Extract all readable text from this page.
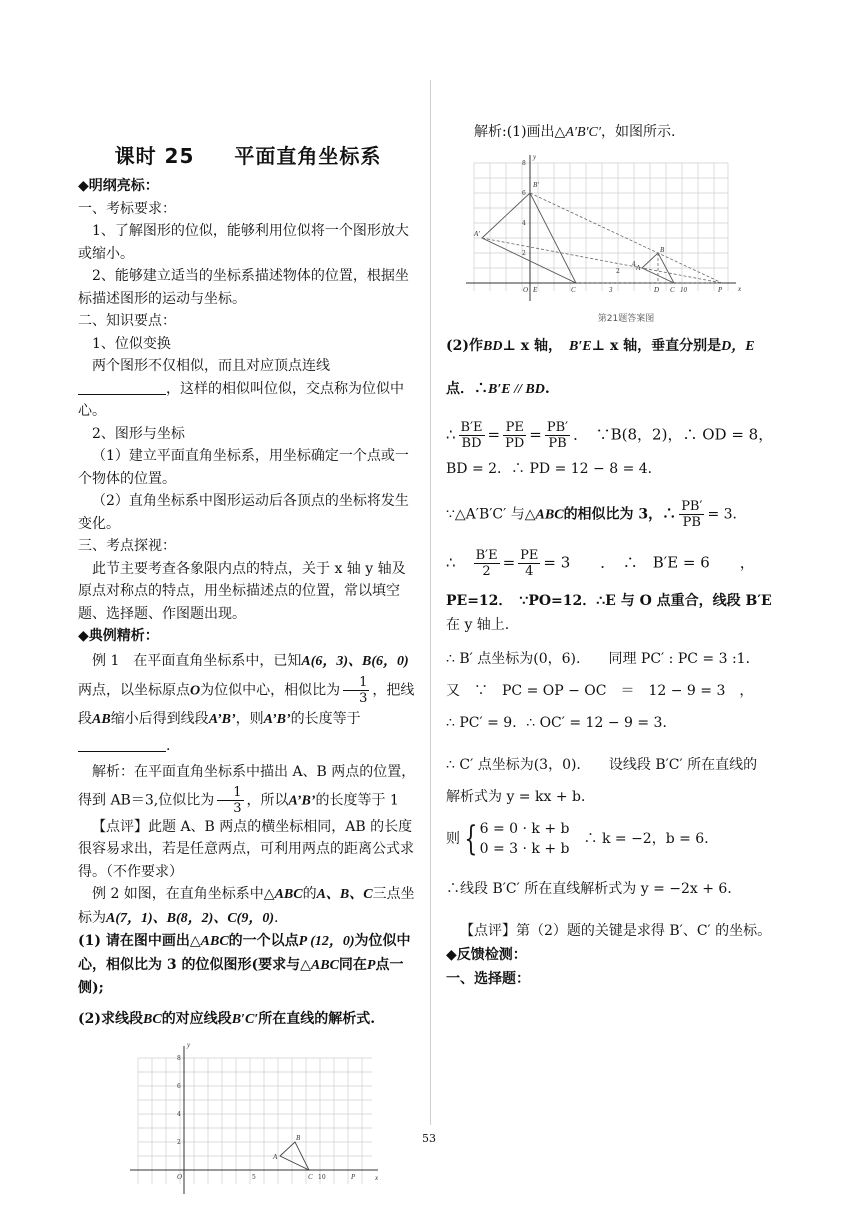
课时 25 平面直角坐标系

◆明纲亮标：

一、考标要求：

1、了解图形的位似，能够利用位似将一个图形放大或缩小。

2、能够建立适当的坐标系描述物体的位置，根据坐标描述图形的运动与坐标。

二、知识要点：

1、位似变换

两个图形不仅相似，而且对应顶点连线
，这样的相似叫位似，交点称为位似中心。

2、图形与坐标

（1）建立平面直角坐标系，用坐标确定一个点或一个物体的位置。

（2）直角坐标系中图形运动后各顶点的坐标将发生变化。

三、考点探视：

此节主要考查各象限内点的特点，关于 x 轴 y 轴及原点对称点的特点，用坐标描述点的位置，常以填空题、选择题、作图题出现。

◆典例精析：

例 1　在平面直角坐标系中，已知A(6，3)、B(6，0)两点，以坐标原点O为位似中心，相似比为 $\frac{1}{3}$ ，把线段AB缩小后得到线段A’B’，则A’B’的长度等于.

解析：在平面直角坐标系中描出 A、B 两点的位置，得到 AB＝3,位似比为 $\frac{1}{3}$ ，所以A’B’的长度等于 1

【点评】此题 A、B 两点的横坐标相同，AB 的长度很容易求出，若是任意两点，可利用两点的距离公式求得。（不作要求）

例 2 如图，在直角坐标系中△ABC的A、B、C三点坐标为A(7，1)、B(8，2)、C(9，0).

(1) 请在图中画出△ABC的一个以点P (12，0)为位似中心，相似比为 3 的位似图形(要求与△ABC同在P点一侧);

(2)求线段BC的对应线段B′C′所在直线的解析式.

y
x
O
A
B
C	P
8
6
4
2
5	10

解析:(1)画出△A′B′C′，如图所示.

y
x
O E	C	3	D C 10	P
B′
A′
B
A
8
6
4
2
2
4
第21题答案图

(2)作BD⊥ x 轴，　 B′E⊥ x 轴，垂直分别是D，E

点．∴B′E // BD.

∴ $\frac{B'E}{BD} = \frac{PE}{PD} = \frac{PB'}{PB}$ ．　∵B(8，2)，∴ OD = 8，

BD = 2．∴ PD = 12 − 8 = 4．

∵△A′B′C′ 与△ABC的相似比为 3，∴ $\frac{PB'}{PB} = 3$．

∴　 $\frac{B'E}{2} = \frac{PE}{4} = 3$　　．　∴　B′E = 6　　，

PE=12．　 ∵PO=12．∴E 与 O 点重合，线段 B′E

在 y 轴上.

∴ B′ 点坐标为(0，6).　　同理 PC′ : PC = 3 :1．

又　∵　PC = OP − OC　＝　12 − 9 = 3　，

∴ PC′ = 9．∴ OC′ = 12 − 9 = 3．

∴ C′ 点坐标为(3，0).　　设线段 B′C′ 所在直线的

解析式为 y = kx + b．

则 { 6 = 0 · k + b
0 = 3 · k + b　∴ k = −2，b = 6．

∴线段 B′C′ 所在直线解析式为 y = −2x + 6．

【点评】第（2）题的关键是求得 B′、C′ 的坐标。

◆反馈检测：

一、选择题：

53
